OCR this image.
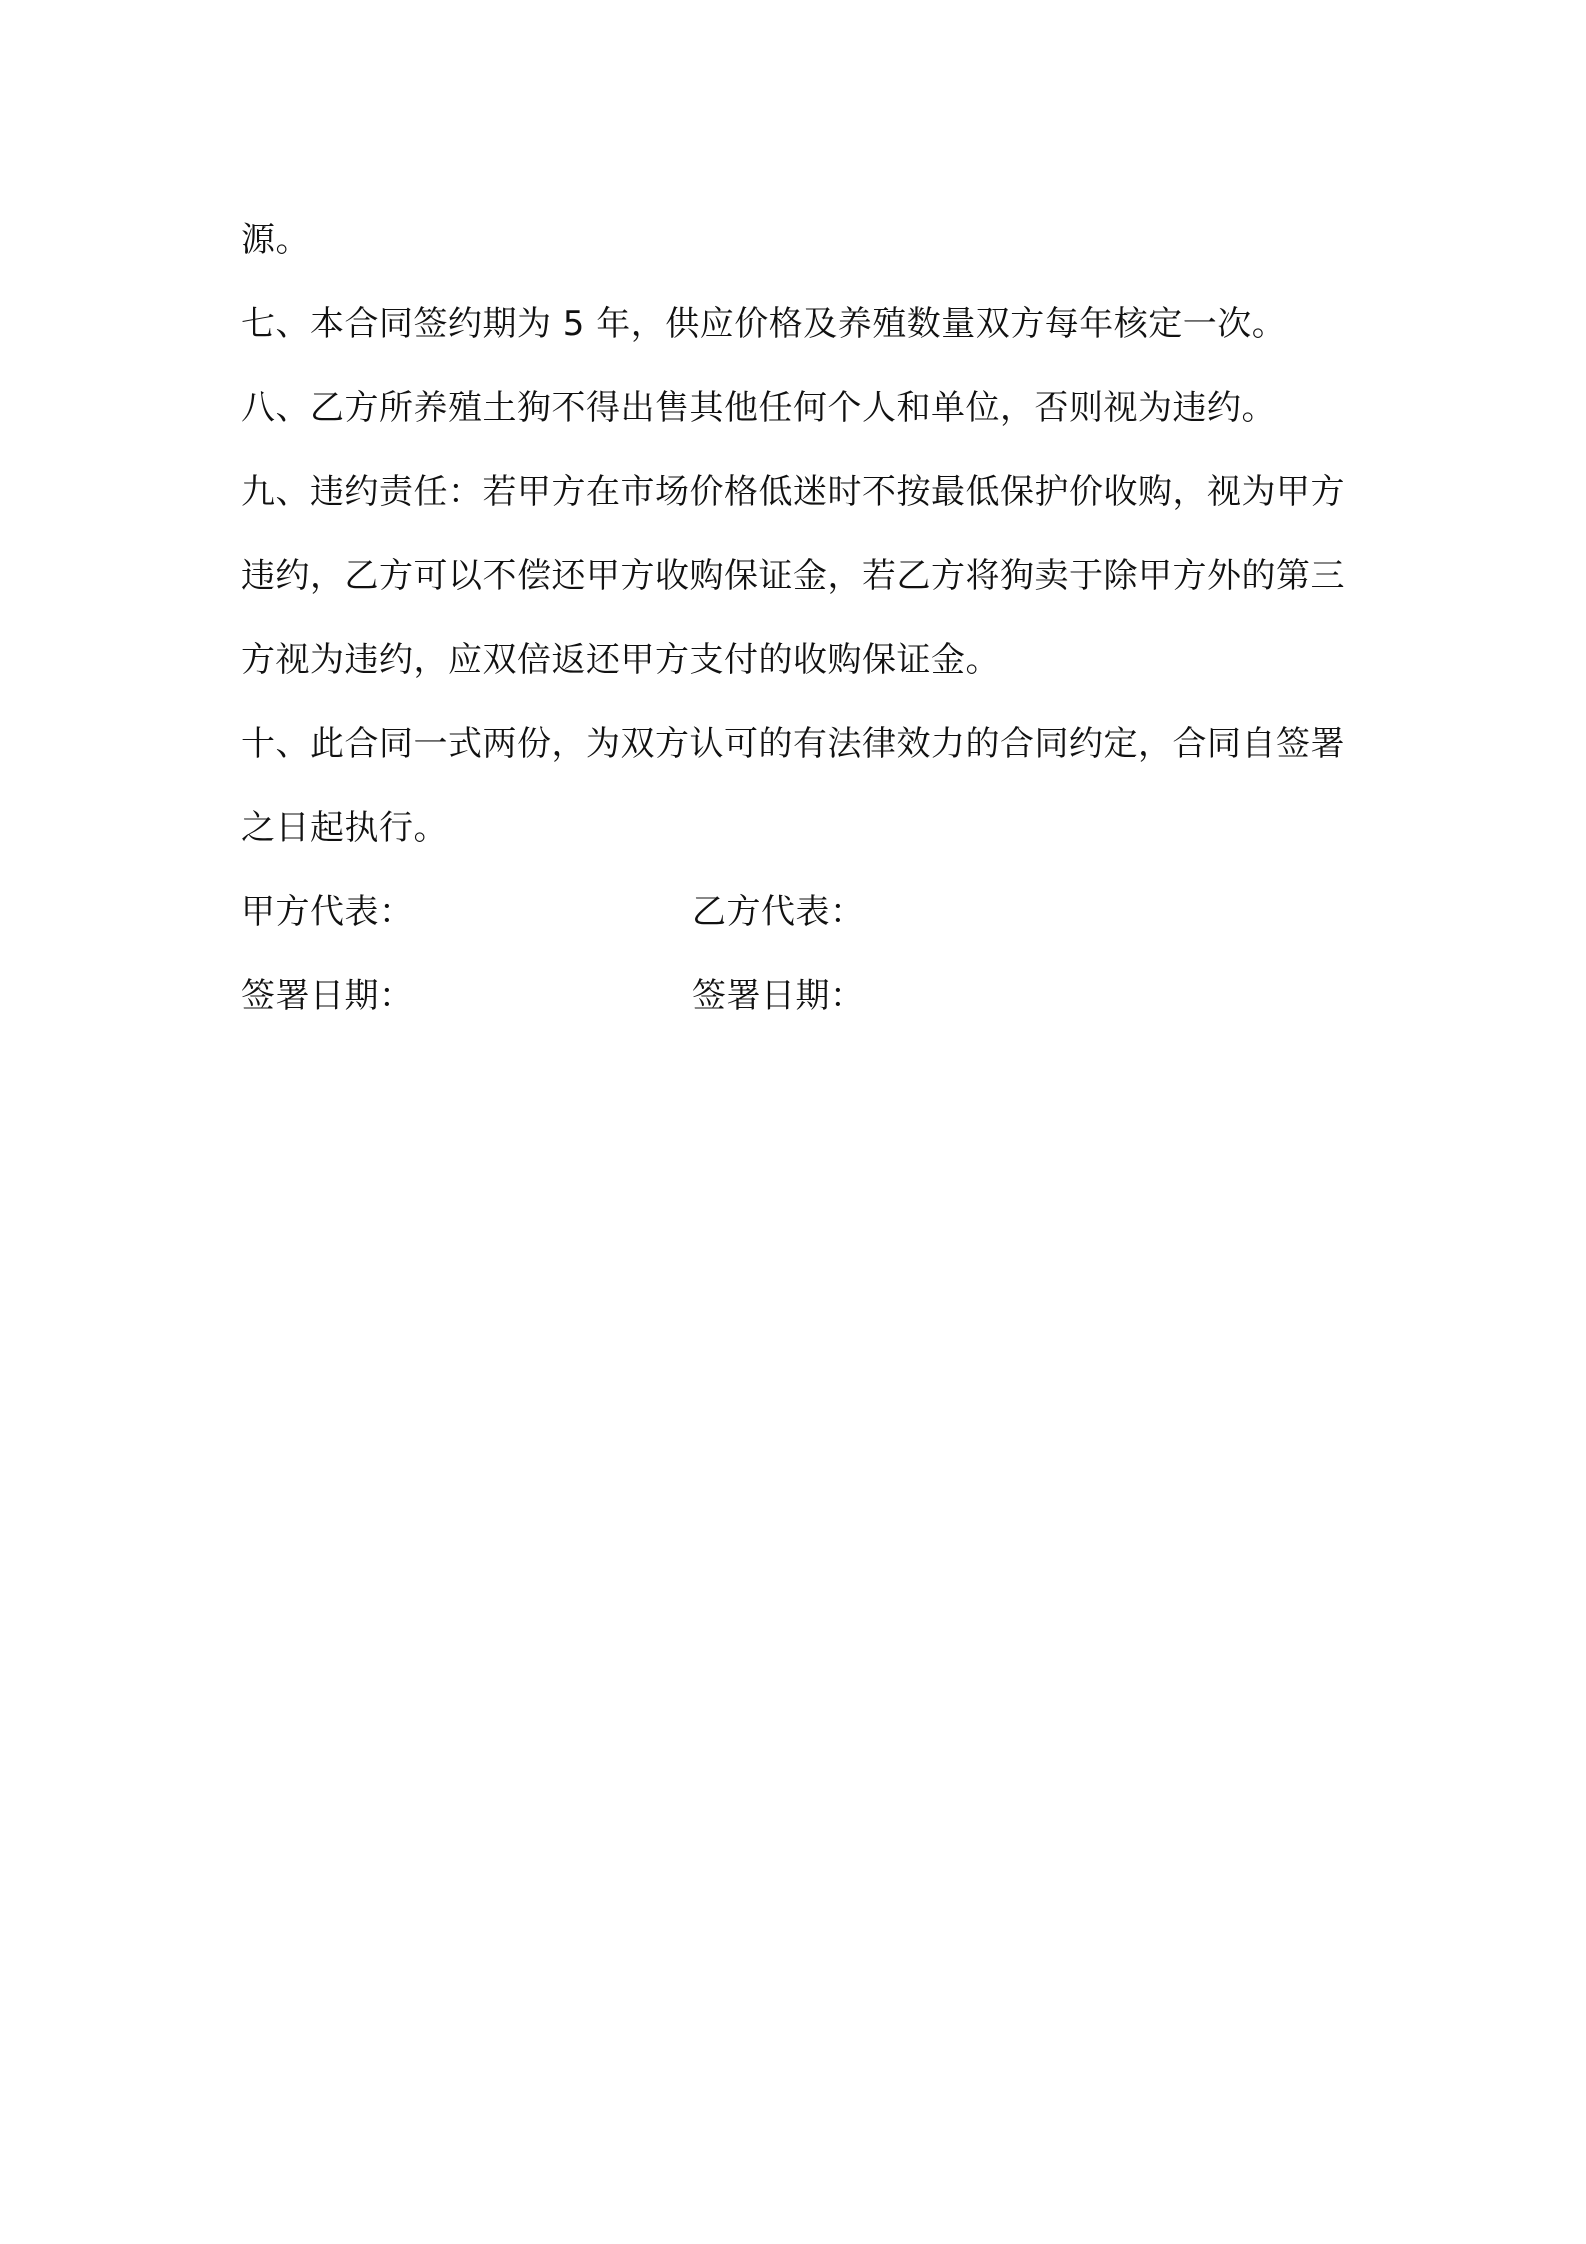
源。

七、本合同签约期为 5 年，供应价格及养殖数量双方每年核定一次。

八、乙方所养殖土狗不得出售其他任何个人和单位，否则视为违约。

九、违约责任：若甲方在市场价格低迷时不按最低保护价收购，视为甲方违约，乙方可以不偿还甲方收购保证金，若乙方将狗卖于除甲方外的第三方视为违约，应双倍返还甲方支付的收购保证金。

十、此合同一式两份，为双方认可的有法律效力的合同约定，合同自签署之日起执行。

甲方代表：	乙方代表：
签署日期：	签署日期：
